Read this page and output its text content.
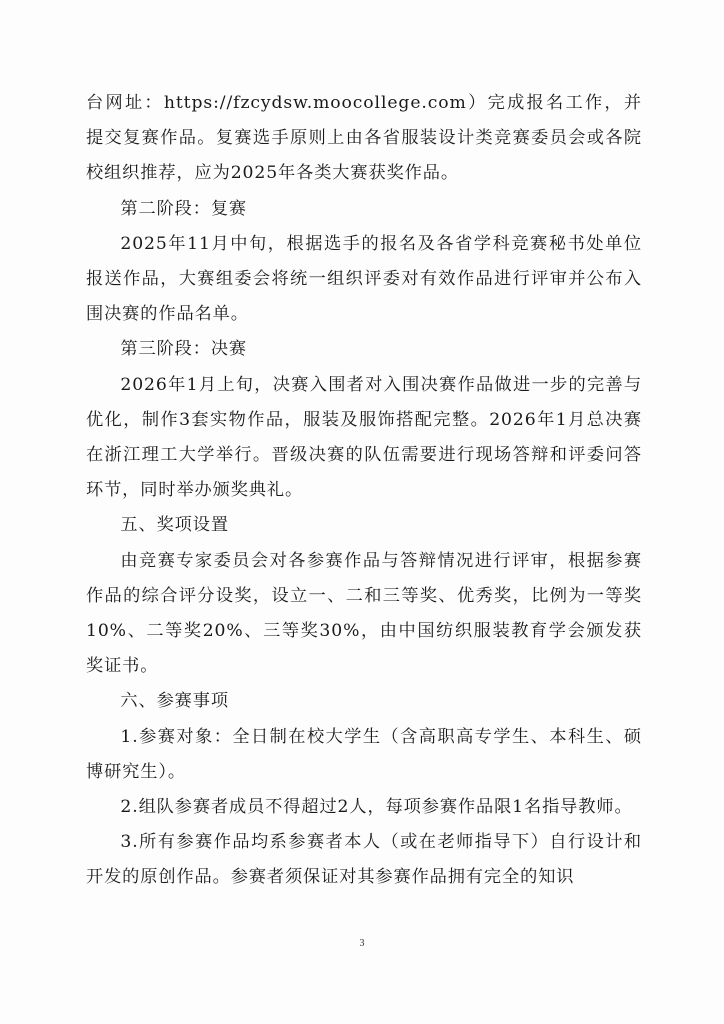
台网址：https://fzcydsw.moocollege.com）完成报名工作，并提交复赛作品。复赛选手原则上由各省服装设计类竞赛委员会或各院校组织推荐，应为2025年各类大赛获奖作品。

第二阶段：复赛

2025年11月中旬，根据选手的报名及各省学科竞赛秘书处单位报送作品，大赛组委会将统一组织评委对有效作品进行评审并公布入围决赛的作品名单。

第三阶段：决赛

2026年1月上旬，决赛入围者对入围决赛作品做进一步的完善与优化，制作3套实物作品，服装及服饰搭配完整。2026年1月总决赛在浙江理工大学举行。晋级决赛的队伍需要进行现场答辩和评委问答环节，同时举办颁奖典礼。

五、奖项设置

由竞赛专家委员会对各参赛作品与答辩情况进行评审，根据参赛作品的综合评分设奖，设立一、二和三等奖、优秀奖，比例为一等奖10%、二等奖20%、三等奖30%，由中国纺织服装教育学会颁发获奖证书。

六、参赛事项

1.参赛对象：全日制在校大学生（含高职高专学生、本科生、硕博研究生）。

2.组队参赛者成员不得超过2人，每项参赛作品限1名指导教师。

3.所有参赛作品均系参赛者本人（或在老师指导下）自行设计和开发的原创作品。参赛者须保证对其参赛作品拥有完全的知识

3
